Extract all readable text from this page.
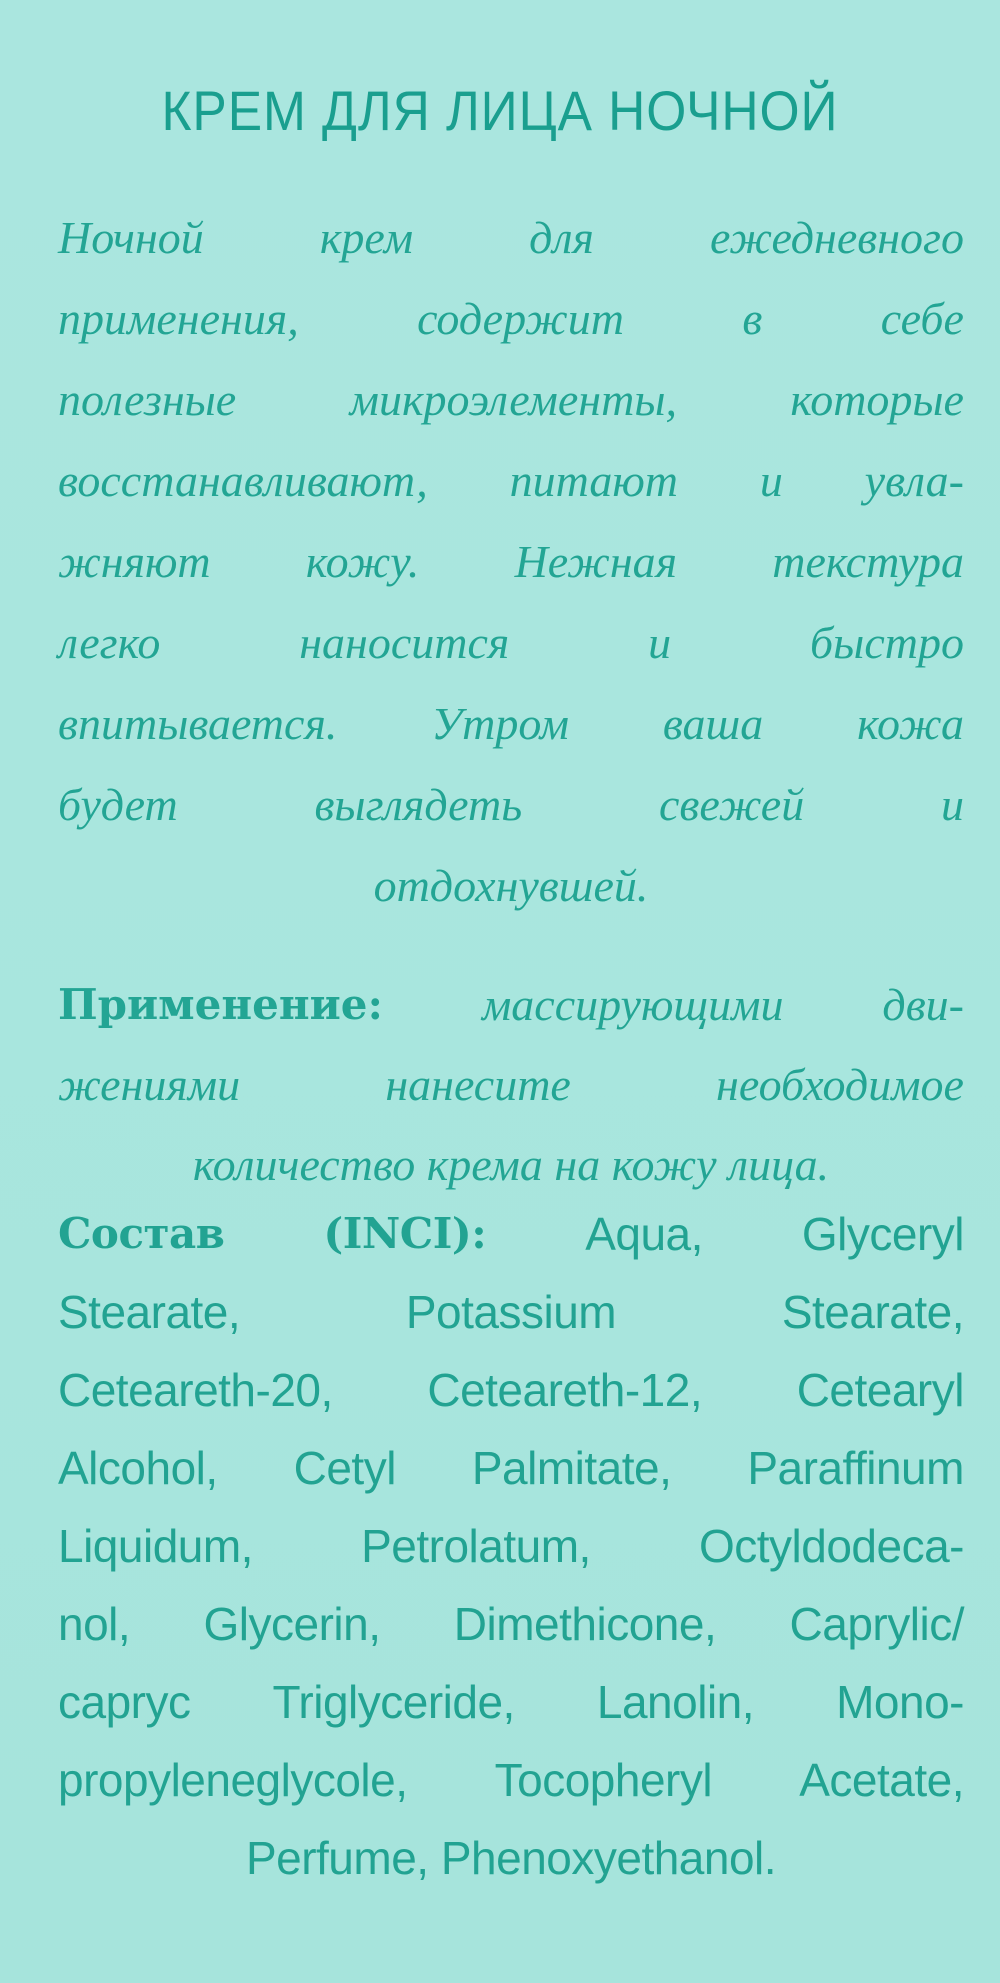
КРЕМ ДЛЯ ЛИЦА НОЧНОЙ
Ночной	крем	для	ежедневного
применения,	содержит	в	себе
полезные микроэлементы, которые
восстанавливают, питают и увла-
жняют кожу. Нежная текстура
легко	наносится	и	быстро
впитывается. Утром ваша кожа
будет	выглядеть	свежей	и
отдохнувшей.
Применение: массирующими дви-
жениями	нанесите	необходимое
количество крема на кожу лица.
Состав (INCI): Aqua, Glyceryl
Stearate,	Potassium	Stearate,
Ceteareth-20, Ceteareth-12, Cetearyl
Alcohol, Cetyl Palmitate, Paraffinum
Liquidum, Petrolatum, Octyldodeca-
nol, Glycerin, Dimethicone, Caprylic/
caprуc Triglyceride, Lanolin, Mono-
propyleneglycole, Tocopheryl Acetate,
Perfume, Phenoxyethanol.
